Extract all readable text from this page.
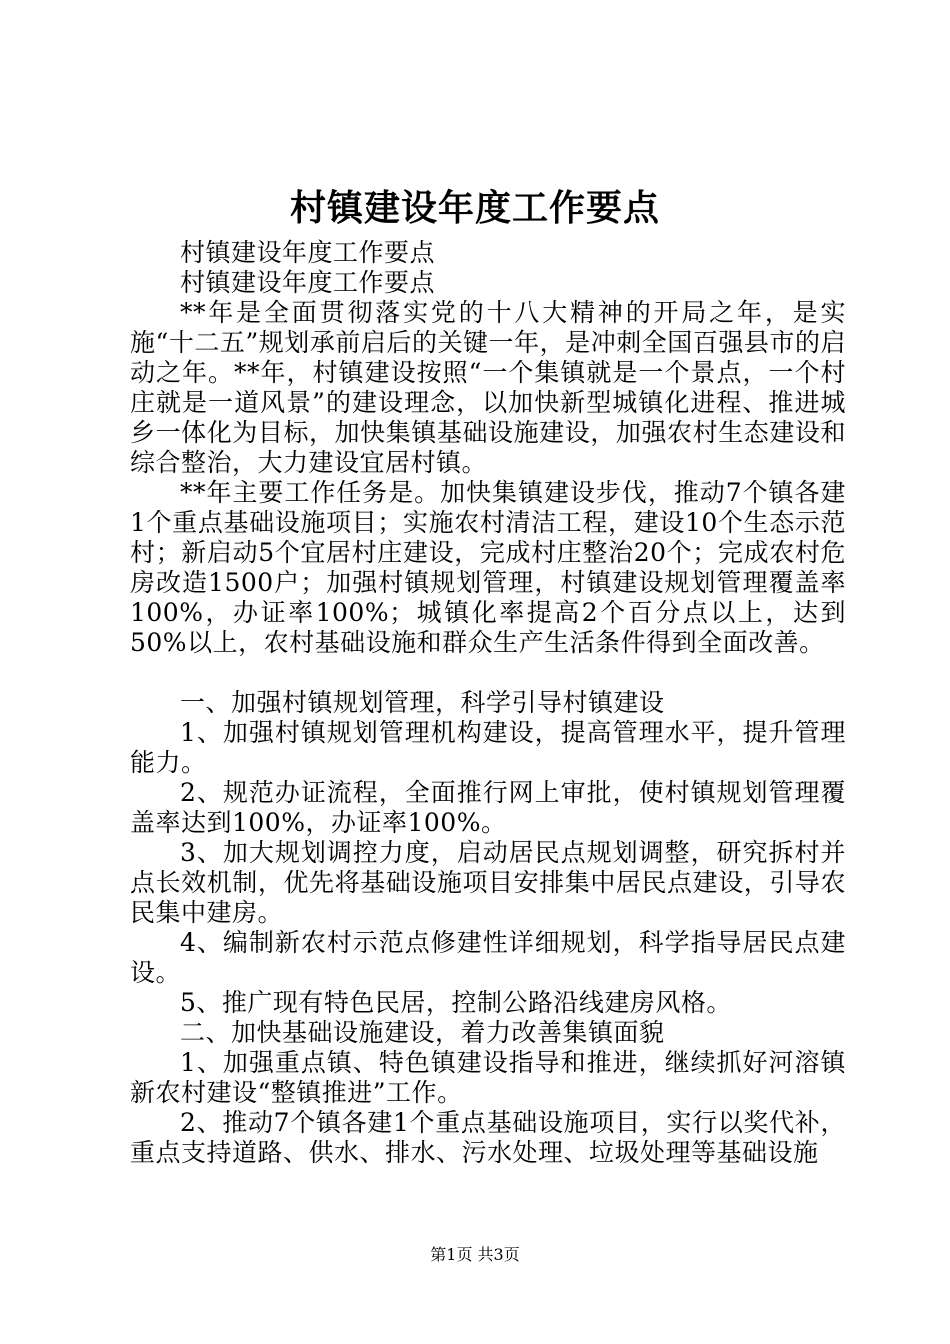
村镇建设年度工作要点

村镇建设年度工作要点

村镇建设年度工作要点

**年是全面贯彻落实党的十八大精神的开局之年，是实施“十二五”规划承前启后的关键一年，是冲刺全国百强县市的启动之年。**年，村镇建设按照“一个集镇就是一个景点，一个村庄就是一道风景”的建设理念，以加快新型城镇化进程、推进城乡一体化为目标，加快集镇基础设施建设，加强农村生态建设和综合整治，大力建设宜居村镇。

**年主要工作任务是。加快集镇建设步伐，推动7个镇各建1个重点基础设施项目；实施农村清洁工程，建设10个生态示范村；新启动5个宜居村庄建设，完成村庄整治20个；完成农村危房改造1500户；加强村镇规划管理，村镇建设规划管理覆盖率100%，办证率100%；城镇化率提高2个百分点以上，达到50%以上，农村基础设施和群众生产生活条件得到全面改善。

一、加强村镇规划管理，科学引导村镇建设

1、加强村镇规划管理机构建设，提高管理水平，提升管理能力。

2、规范办证流程，全面推行网上审批，使村镇规划管理覆盖率达到100%，办证率100%。

3、加大规划调控力度，启动居民点规划调整，研究拆村并点长效机制，优先将基础设施项目安排集中居民点建设，引导农民集中建房。

4、编制新农村示范点修建性详细规划，科学指导居民点建设。

5、推广现有特色民居，控制公路沿线建房风格。

二、加快基础设施建设，着力改善集镇面貌

1、加强重点镇、特色镇建设指导和推进，继续抓好河溶镇新农村建设“整镇推进”工作。

2、推动7个镇各建1个重点基础设施项目，实行以奖代补，重点支持道路、供水、排水、污水处理、垃圾处理等基础设施

第1页 共3页
